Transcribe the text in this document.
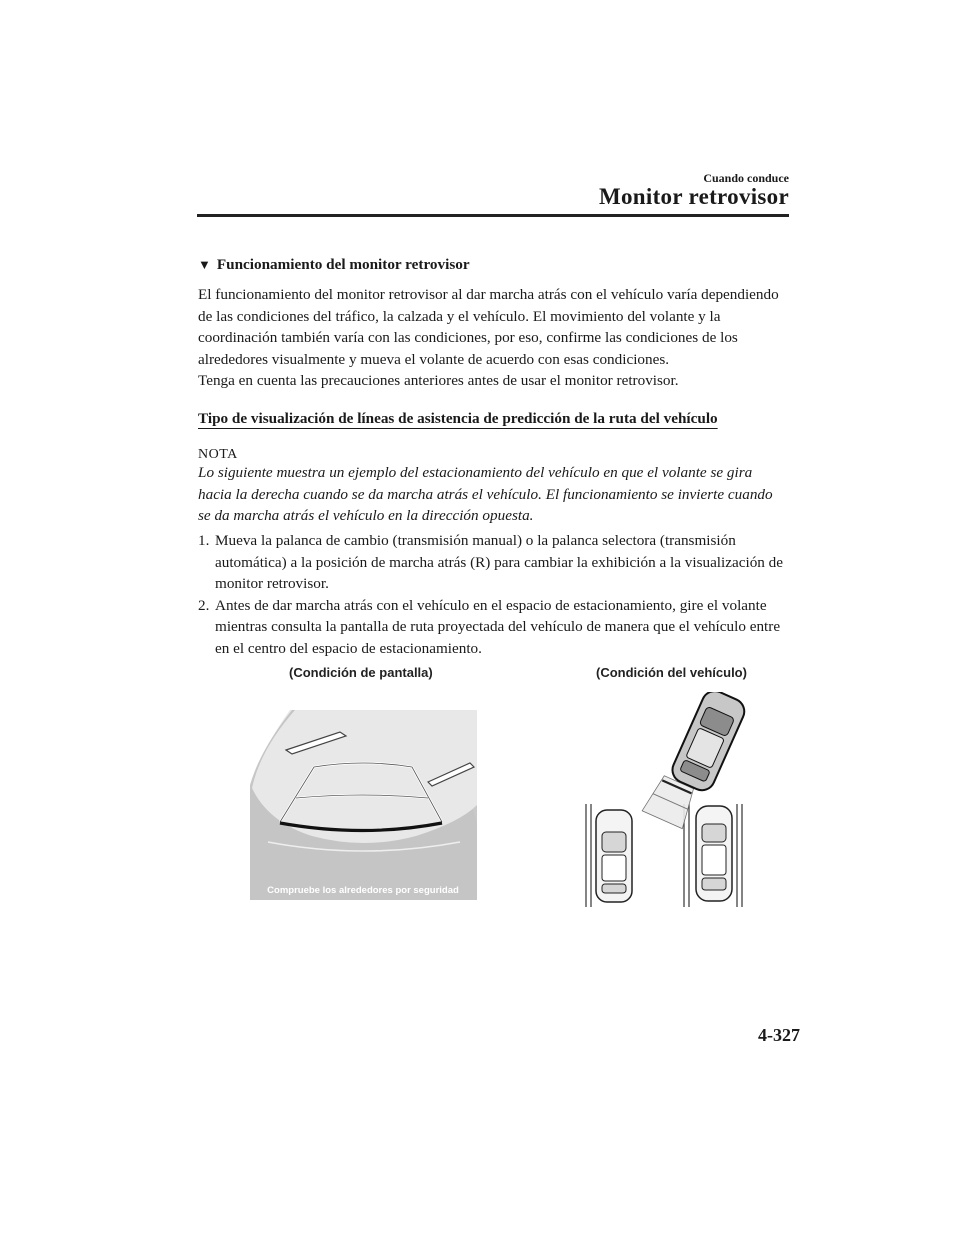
Cuando conduce
Monitor retrovisor
▼ Funcionamiento del monitor retrovisor

El funcionamiento del monitor retrovisor al dar marcha atrás con el vehículo varía dependiendo de las condiciones del tráfico, la calzada y el vehículo. El movimiento del volante y la coordinación también varía con las condiciones, por eso, confirme las condiciones de los alrededores visualmente y mueva el volante de acuerdo con esas condiciones.

Tenga en cuenta las precauciones anteriores antes de usar el monitor retrovisor.

Tipo de visualización de líneas de asistencia de predicción de la ruta del vehículo
NOTA
Lo siguiente muestra un ejemplo del estacionamiento del vehículo en que el volante se gira hacia la derecha cuando se da marcha atrás el vehículo. El funcionamiento se invierte cuando se da marcha atrás el vehículo en la dirección opuesta.
1. Mueva la palanca de cambio (transmisión manual) o la palanca selectora (transmisión automática) a la posición de marcha atrás (R) para cambiar la exhibición a la visualización de monitor retrovisor.
2. Antes de dar marcha atrás con el vehículo en el espacio de estacionamiento, gire el volante mientras consulta la pantalla de ruta proyectada del vehículo de manera que el vehículo entre en el centro del espacio de estacionamiento.
(Condición de pantalla)	(Condición del vehículo)
Compruebe los alrededores por seguridad
4-327
